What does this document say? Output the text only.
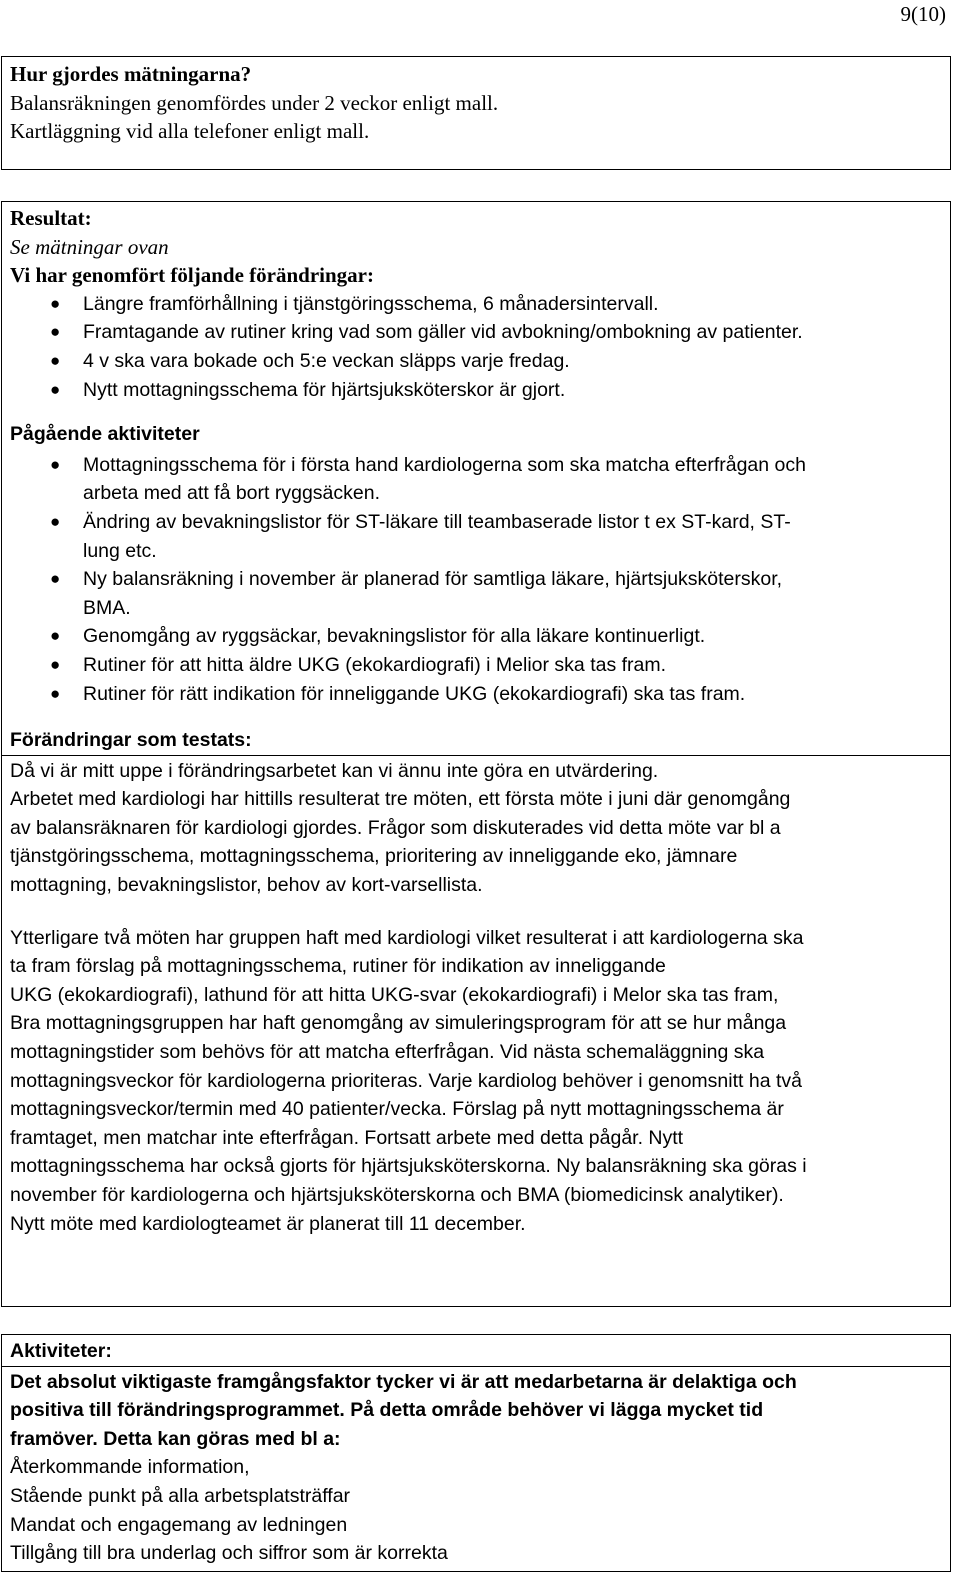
9(10)
Hur gjordes mätningarna?
Balansräkningen genomfördes under 2 veckor enligt mall.
Kartläggning vid alla telefoner enligt mall.
Resultat:
Se mätningar ovan
Vi har genomfört följande förändringar:
● Längre framförhållning i tjänstgöringsschema, 6 månadersintervall.
● Framtagande av rutiner kring vad som gäller vid avbokning/ombokning av patienter.
● 4 v ska vara bokade och 5:e veckan släpps varje fredag.
● Nytt mottagningsschema för hjärtsjuksköterskor är gjort.
Pågående aktiviteter
● Mottagningsschema för i första hand kardiologerna som ska matcha efterfrågan och
arbeta med att få bort ryggsäcken.
● Ändring av bevakningslistor för ST-läkare till teambaserade listor t ex ST-kard, ST-
lung etc.
● Ny balansräkning i november är planerad för samtliga läkare, hjärtsjuksköterskor,
BMA.
● Genomgång av ryggsäckar, bevakningslistor för alla läkare kontinuerligt.
● Rutiner för att hitta äldre UKG (ekokardiografi) i Melior ska tas fram.
● Rutiner för rätt indikation för inneliggande UKG (ekokardiografi) ska tas fram.
Förändringar som testats:
Då vi är mitt uppe i förändringsarbetet kan vi ännu inte göra en utvärdering.
Arbetet med kardiologi har hittills resulterat tre möten, ett första möte i juni där genomgång
av balansräknaren för kardiologi gjordes. Frågor som diskuterades vid detta möte var bl a
tjänstgöringsschema, mottagningsschema, prioritering av inneliggande eko, jämnare
mottagning, bevakningslistor, behov av kort-varsellista.
Ytterligare två möten har gruppen haft med kardiologi vilket resulterat i att kardiologerna ska
ta fram förslag på mottagningsschema, rutiner för indikation av inneliggande
UKG (ekokardiografi), lathund för att hitta UKG-svar (ekokardiografi) i Melor ska tas fram,
Bra mottagningsgruppen har haft genomgång av simuleringsprogram för att se hur många
mottagningstider som behövs för att matcha efterfrågan. Vid nästa schemaläggning ska
mottagningsveckor för kardiologerna prioriteras. Varje kardiolog behöver i genomsnitt ha två
mottagningsveckor/termin med 40 patienter/vecka. Förslag på nytt mottagningsschema är
framtaget, men matchar inte efterfrågan. Fortsatt arbete med detta pågår. Nytt
mottagningsschema har också gjorts för hjärtsjuksköterskorna. Ny balansräkning ska göras i
november för kardiologerna och hjärtsjuksköterskorna och BMA (biomedicinsk analytiker).
Nytt möte med kardiologteamet är planerat till 11 december.
Aktiviteter:
Det absolut viktigaste framgångsfaktor tycker vi är att medarbetarna är delaktiga och
positiva till förändringsprogrammet. På detta område behöver vi lägga mycket tid
framöver. Detta kan göras med bl a:
Återkommande information,
Stående punkt på alla arbetsplatsträffar
Mandat och engagemang av ledningen
Tillgång till bra underlag och siffror som är korrekta
